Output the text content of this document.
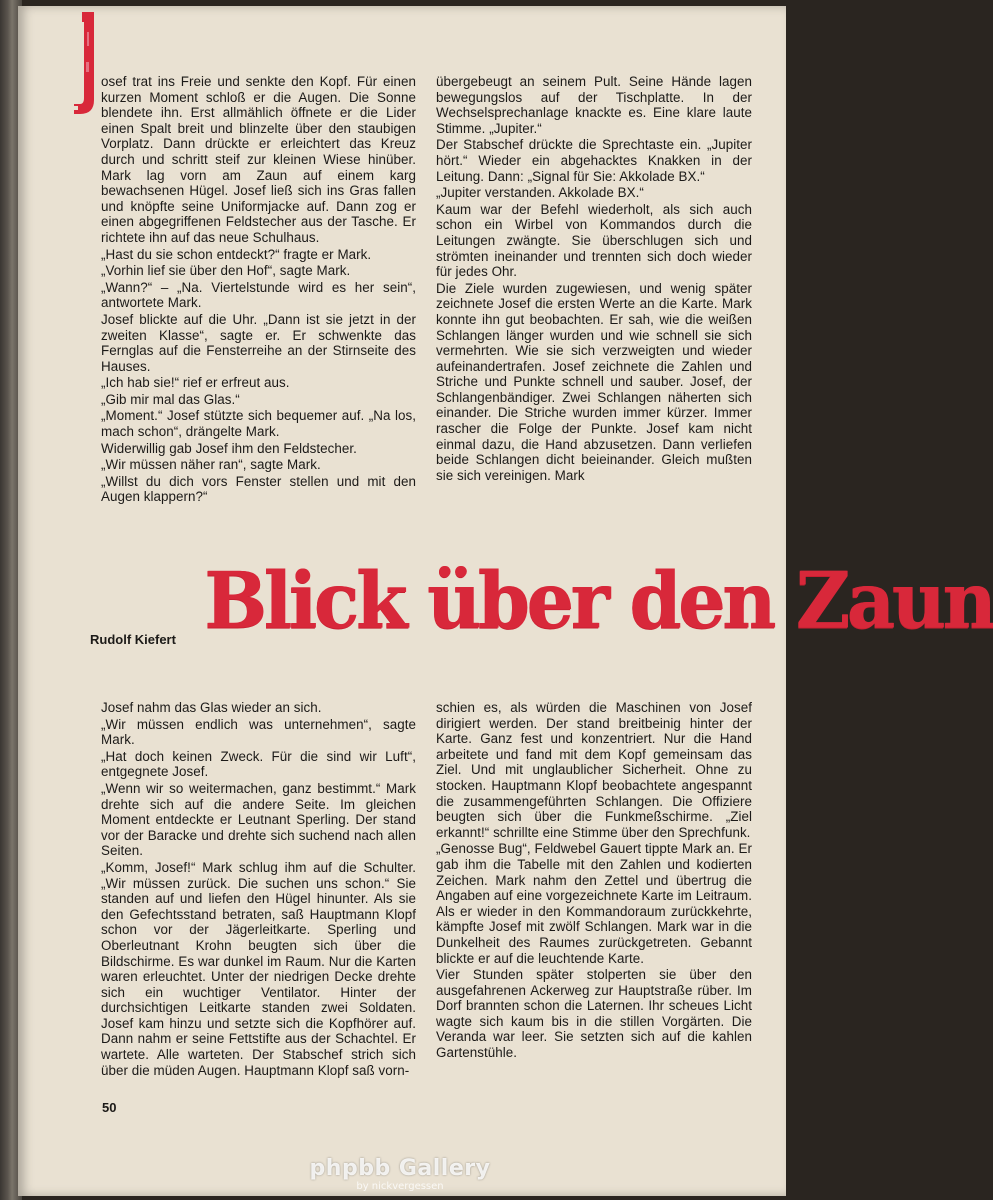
osef trat ins Freie und senkte den Kopf. Für einen kurzen Moment schloß er die Augen. Die Sonne blendete ihn. Erst allmählich öffnete er die Lider einen Spalt breit und blinzelte über den staubigen Vorplatz. Dann drückte er erleichtert das Kreuz durch und schritt steif zur kleinen Wiese hinüber. Mark lag vorn am Zaun auf einem karg bewachsenen Hügel. Josef ließ sich ins Gras fallen und knöpfte seine Uniformjacke auf. Dann zog er einen abgegriffenen Feldstecher aus der Tasche. Er richtete ihn auf das neue Schulhaus.

„Hast du sie schon entdeckt?“ fragte er Mark.

„Vorhin lief sie über den Hof“, sagte Mark.

„Wann?“ – „Na. Viertelstunde wird es her sein“, antwortete Mark.

Josef blickte auf die Uhr. „Dann ist sie jetzt in der zweiten Klasse“, sagte er. Er schwenkte das Fernglas auf die Fensterreihe an der Stirnseite des Hauses.

„Ich hab sie!“ rief er erfreut aus.

„Gib mir mal das Glas.“

„Moment.“ Josef stützte sich bequemer auf. „Na los, mach schon“, drängelte Mark.

Widerwillig gab Josef ihm den Feldstecher.

„Wir müssen näher ran“, sagte Mark.

„Willst du dich vors Fenster stellen und mit den Augen klappern?“

übergebeugt an seinem Pult. Seine Hände lagen bewegungslos auf der Tischplatte. In der Wechselsprechanlage knackte es. Eine klare laute Stimme. „Jupiter.“

Der Stabschef drückte die Sprechtaste ein. „Jupiter hört.“ Wieder ein abgehacktes Knakken in der Leitung. Dann: „Signal für Sie: Akkolade BX.“

„Jupiter verstanden. Akkolade BX.“

Kaum war der Befehl wiederholt, als sich auch schon ein Wirbel von Kommandos durch die Leitungen zwängte. Sie überschlugen sich und strömten ineinander und trennten sich doch wieder für jedes Ohr.

Die Ziele wurden zugewiesen, und wenig später zeichnete Josef die ersten Werte an die Karte. Mark konnte ihn gut beobachten. Er sah, wie die weißen Schlangen länger wurden und wie schnell sie sich vermehrten. Wie sie sich verzweigten und wieder aufeinandertrafen. Josef zeichnete die Zahlen und Striche und Punkte schnell und sauber. Josef, der Schlangenbändiger. Zwei Schlangen näherten sich einander. Die Striche wurden immer kürzer. Immer rascher die Folge der Punkte. Josef kam nicht einmal dazu, die Hand abzusetzen. Dann verliefen beide Schlangen dicht beieinander. Gleich mußten sie sich vereinigen. Mark

Rudolf Kiefert Blick über den Zaun

Josef nahm das Glas wieder an sich.

„Wir müssen endlich was unternehmen“, sagte Mark.

„Hat doch keinen Zweck. Für die sind wir Luft“, entgegnete Josef.

„Wenn wir so weitermachen, ganz bestimmt.“ Mark drehte sich auf die andere Seite. Im gleichen Moment entdeckte er Leutnant Sperling. Der stand vor der Baracke und drehte sich suchend nach allen Seiten.

„Komm, Josef!“ Mark schlug ihm auf die Schulter. „Wir müssen zurück. Die suchen uns schon.“ Sie standen auf und liefen den Hügel hinunter. Als sie den Gefechtsstand betraten, saß Hauptmann Klopf schon vor der Jägerleitkarte. Sperling und Oberleutnant Krohn beugten sich über die Bildschirme. Es war dunkel im Raum. Nur die Karten waren erleuchtet. Unter der niedrigen Decke drehte sich ein wuchtiger Ventilator. Hinter der durchsichtigen Leitkarte standen zwei Soldaten. Josef kam hinzu und setzte sich die Kopfhörer auf. Dann nahm er seine Fettstifte aus der Schachtel. Er wartete. Alle warteten. Der Stabschef strich sich über die müden Augen. Hauptmann Klopf saß vorn-

schien es, als würden die Maschinen von Josef dirigiert werden. Der stand breitbeinig hinter der Karte. Ganz fest und konzentriert. Nur die Hand arbeitete und fand mit dem Kopf gemeinsam das Ziel. Und mit unglaublicher Sicherheit. Ohne zu stocken. Hauptmann Klopf beobachtete angespannt die zusammengeführten Schlangen. Die Offiziere beugten sich über die Funkmeßschirme. „Ziel erkannt!“ schrillte eine Stimme über den Sprechfunk.

„Genosse Bug“, Feldwebel Gauert tippte Mark an. Er gab ihm die Tabelle mit den Zahlen und kodierten Zeichen. Mark nahm den Zettel und übertrug die Angaben auf eine vorgezeichnete Karte im Leitraum. Als er wieder in den Kommandoraum zurückkehrte, kämpfte Josef mit zwölf Schlangen. Mark war in die Dunkelheit des Raumes zurückgetreten. Gebannt blickte er auf die leuchtende Karte.

Vier Stunden später stolperten sie über den ausgefahrenen Ackerweg zur Hauptstraße rüber. Im Dorf brannten schon die Laternen. Ihr scheues Licht wagte sich kaum bis in die stillen Vorgärten. Die Veranda war leer. Sie setzten sich auf die kahlen Gartenstühle.

50
phpbb Gallery
by nickvergessen
